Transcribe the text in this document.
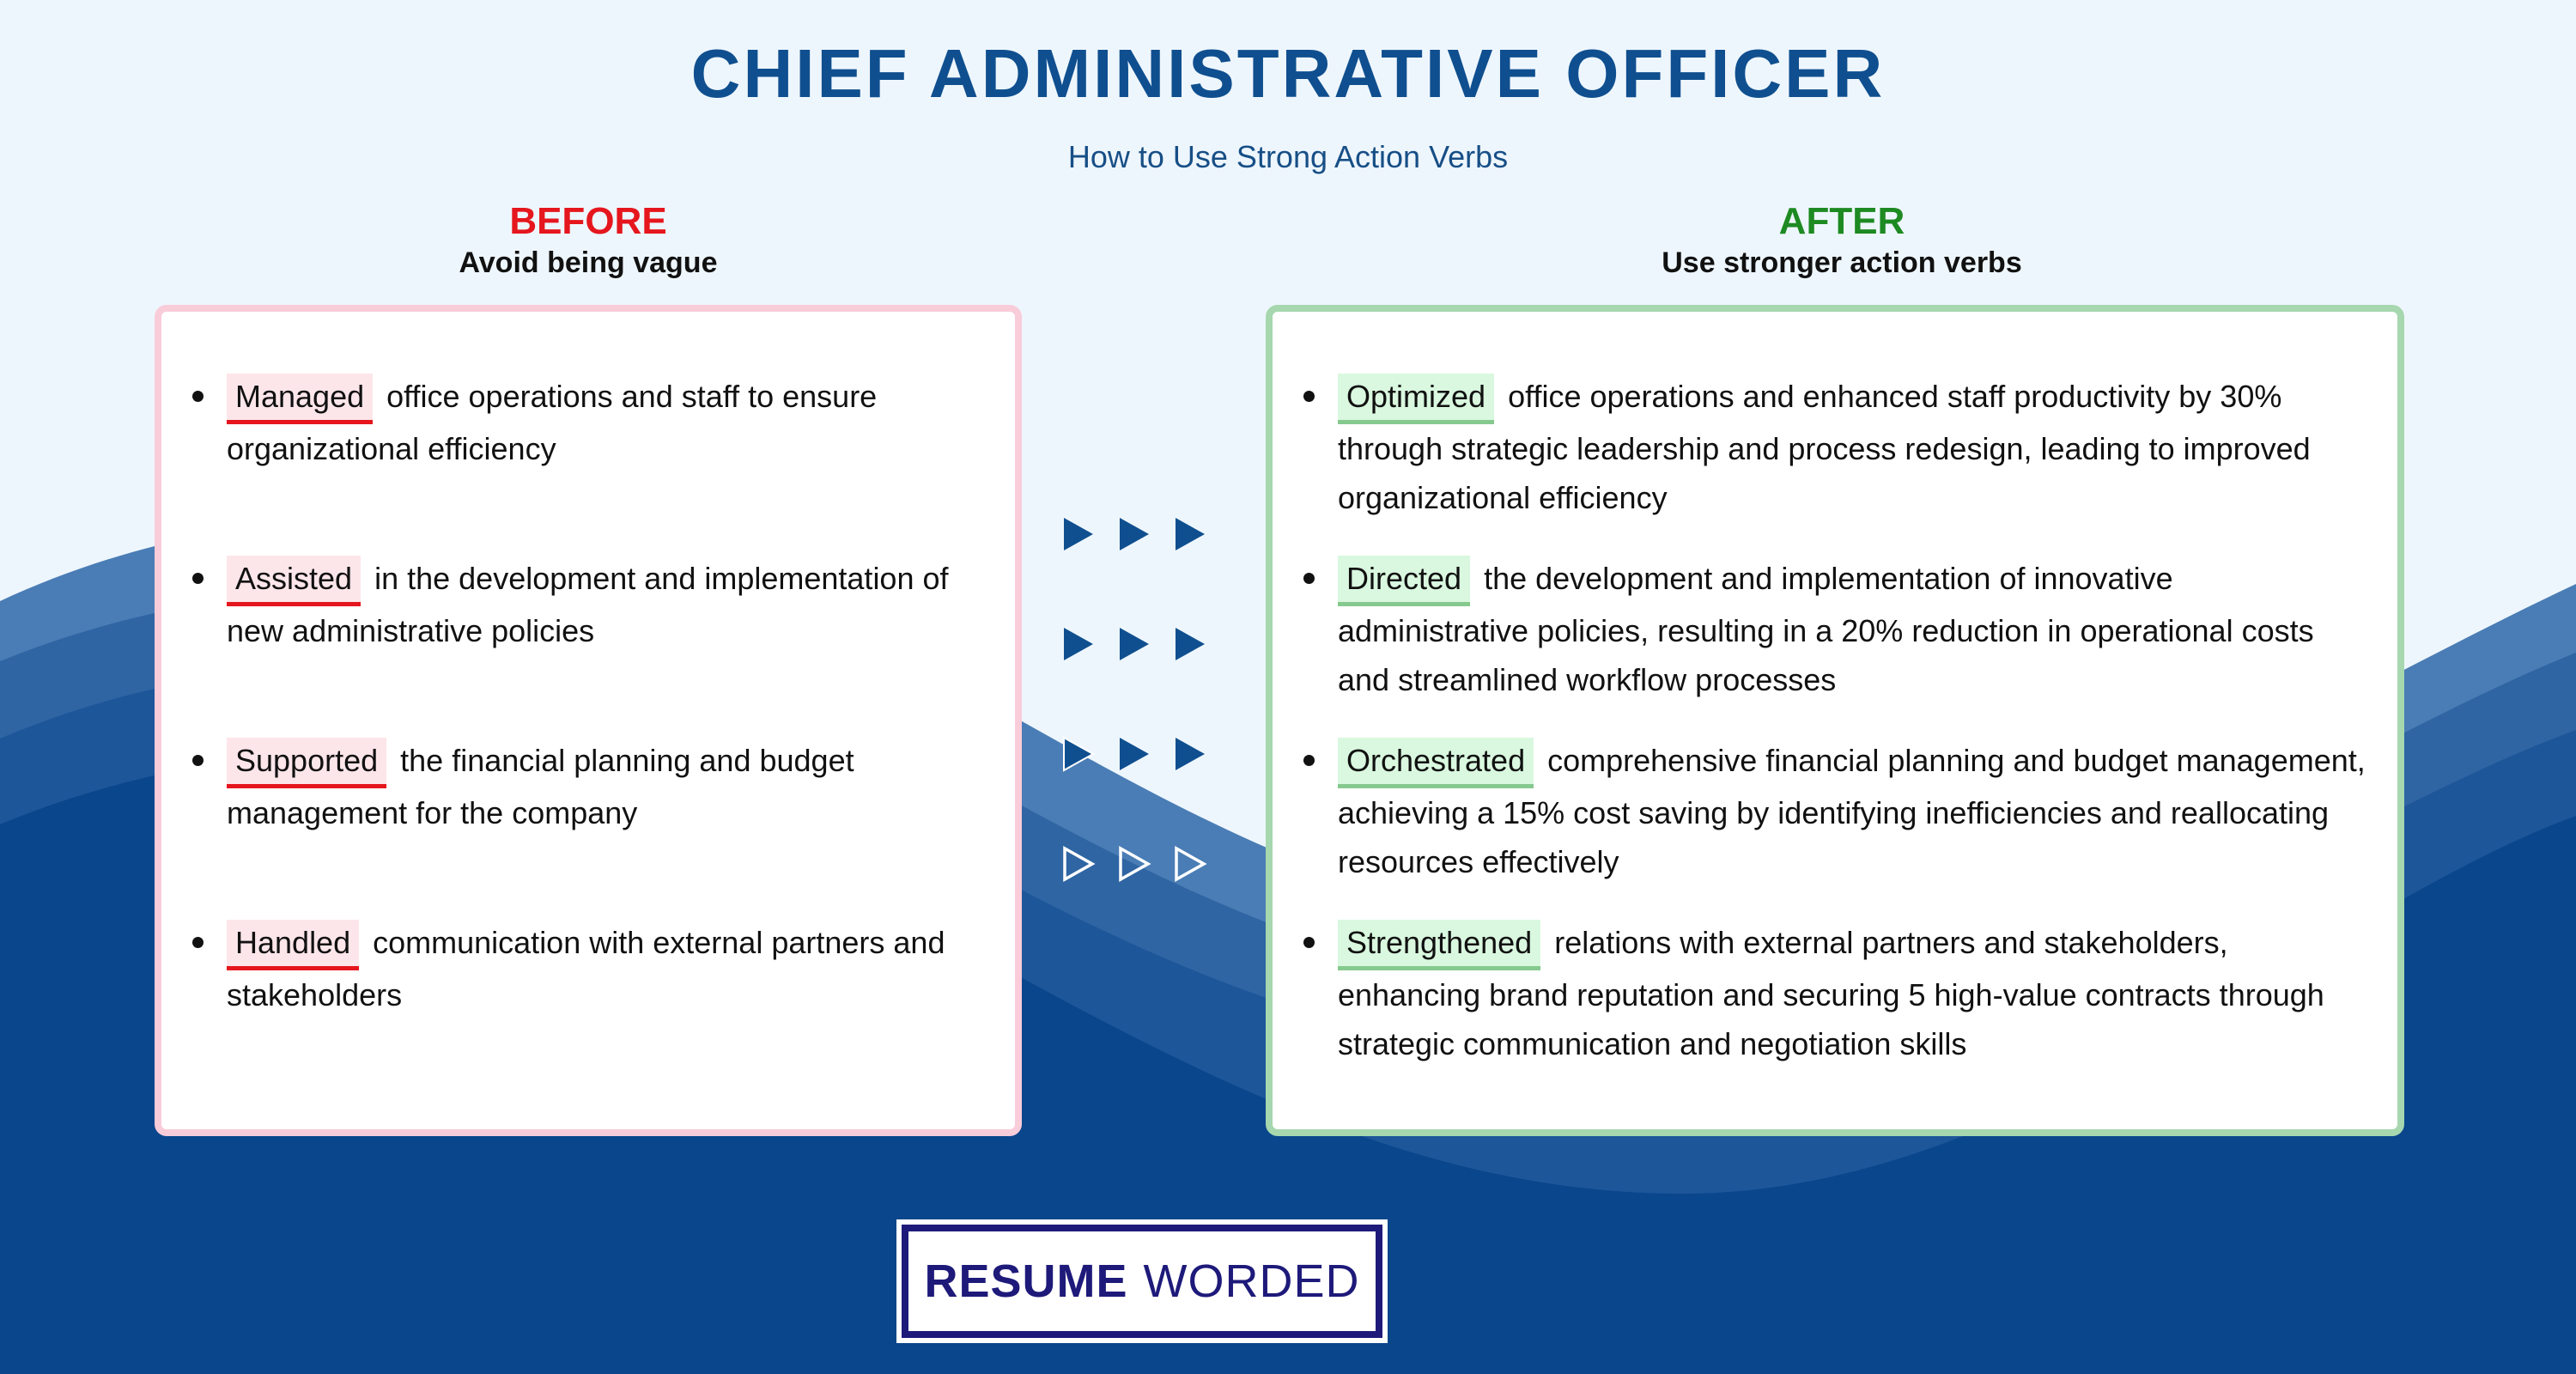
CHIEF ADMINISTRATIVE OFFICER
How to Use Strong Action Verbs
BEFORE
Avoid being vague
AFTER
Use stronger action verbs
Managed office operations and staff to ensure organizational efficiency
Assisted in the development and implementation of new administrative policies
Supported the financial planning and budget management for the company
Handled communication with external partners and stakeholders
Optimized office operations and enhanced staff productivity by 30% through strategic leadership and process redesign, leading to improved organizational efficiency
Directed the development and implementation of innovative administrative policies, resulting in a 20% reduction in operational costs and streamlined workflow processes
Orchestrated comprehensive financial planning and budget management, achieving a 15% cost saving by identifying inefficiencies and reallocating resources effectively
Strengthened relations with external partners and stakeholders, enhancing brand reputation and securing 5 high-value contracts through strategic communication and negotiation skills
RESUME WORDED
